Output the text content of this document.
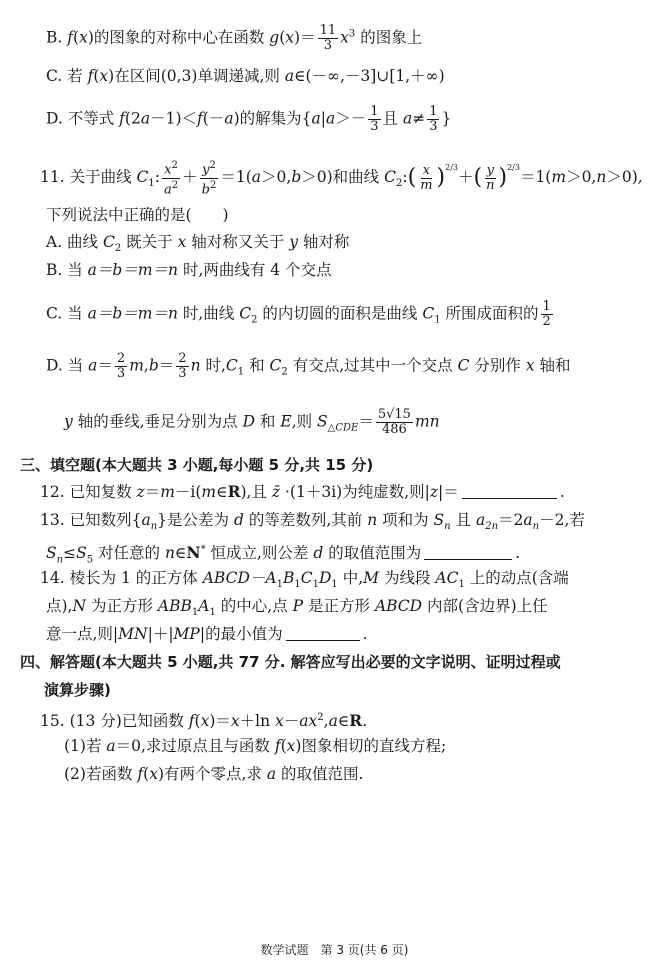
B. f(x)的图象的对称中心在函数 $g(x)= \frac{11}{3} x^3$ 的图象上
C. 若 f(x)在区间(0,3)单调递减,则 a∈(－∞,－3]∪[1,＋∞)
D. 不等式 f(2a－1)＜f(－a)的解集为{$a|a>- \frac{1}{3}$ 且 $a\ne \frac{1}{3}$ }
11. 关于曲线 $C_1$: $\frac{x^2}{a^2} + \frac{y^2}{b^2} =1(a>0,b>0)$和曲线 $C_2:( \frac{x}{m} )^{2/3}+( \frac{y}{n} )^{2/3}=1(m>0,n>0)$,
下列说法中正确的是(　　)
A. 曲线 $C_2$ 既关于 x 轴对称又关于 y 轴对称
B. 当 a＝b＝m＝n 时,两曲线有 4 个交点
C. 当 a＝b＝m＝n 时,曲线 $C_2$ 的内切圆的面积是曲线 $C_1$ 所围成面积的 $\frac{1}{2}$
D. 当 $a= \frac{2}{3} m,b= \frac{2}{3}$ n 时$,C_1$ 和 $C_2$ 有交点,过其中一个交点 C 分别作 x 轴和
y 轴的垂线,垂足分别为点 D 和 E,则 $S_{\triangle CDE}= \frac{5√15}{486}$ mn
三、填空题(本大题共 3 小题,每小题 5 分,共 15 分)
12. 已知复数 z＝m－i(m∈R),且 z̄ ·(1＋3i)为纯虚数,则|z|＝	.
13. 已知数列$\{a_n\}$是公差为 d 的等差数列,其前 n 项和为 $S_n$ 且 $a_{2n}=2a_n-2$,若
$S_n\le S_5$ 对任意的 n∈N* 恒成立,则公差 d 的取值范围为	.
14. 棱长为 1 的正方体 $ABCD-A_1B_1C_1D_1$ 中,M 为线段 $AC_1$ 上的动点(含端
点),N 为正方形 $ABB_1A_1$ 的中心,点 P 是正方形 ABCD 内部(含边界)上任
意一点,则|MN|＋|MP|的最小值为	.
四、解答题(本大题共 5 小题,共 77 分. 解答应写出必要的文字说明、证明过程或
演算步骤)
15. (13 分)已知函数 f(x)＝x＋ln $x-ax^2,a\in R$.
(1)若 a＝0,求过原点且与函数 f(x)图象相切的直线方程;
(2)若函数 f(x)有两个零点,求 a 的取值范围.
数学试题　第 3 页(共 6 页)
